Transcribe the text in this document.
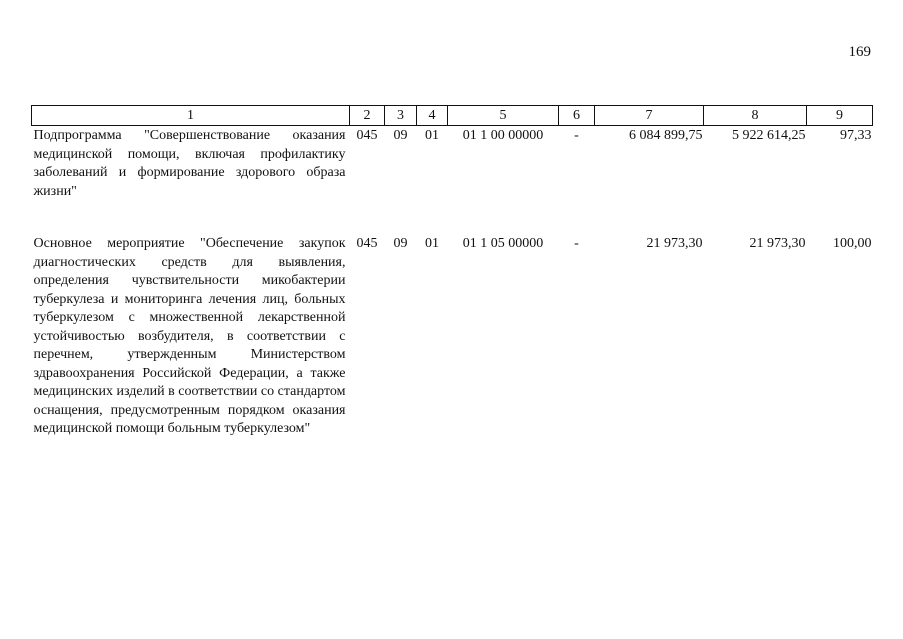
169
1	2	3	4	5	6	7	8	9
Подпрограмма "Совершенствование оказания медицинской помощи, включая профилактику заболеваний и формирование здорового образа жизни"	045	09	01	01 1 00 00000	-	6 084 899,75	5 922 614,25	97,33
Основное мероприятие "Обеспечение закупок диагностических средств для выявления, определения чувствительности микобактерии туберкулеза и мониторинга лечения лиц, больных туберкулезом с множественной лекарственной устойчивостью возбудителя, в соответствии с перечнем, утвержденным Министерством здравоохранения Российской Федерации, а также медицинских изделий в соответствии со стандартом оснащения, предусмотренным порядком оказания медицинской помощи больным туберкулезом"	045	09	01	01 1 05 00000	-	21 973,30	21 973,30	100,00
